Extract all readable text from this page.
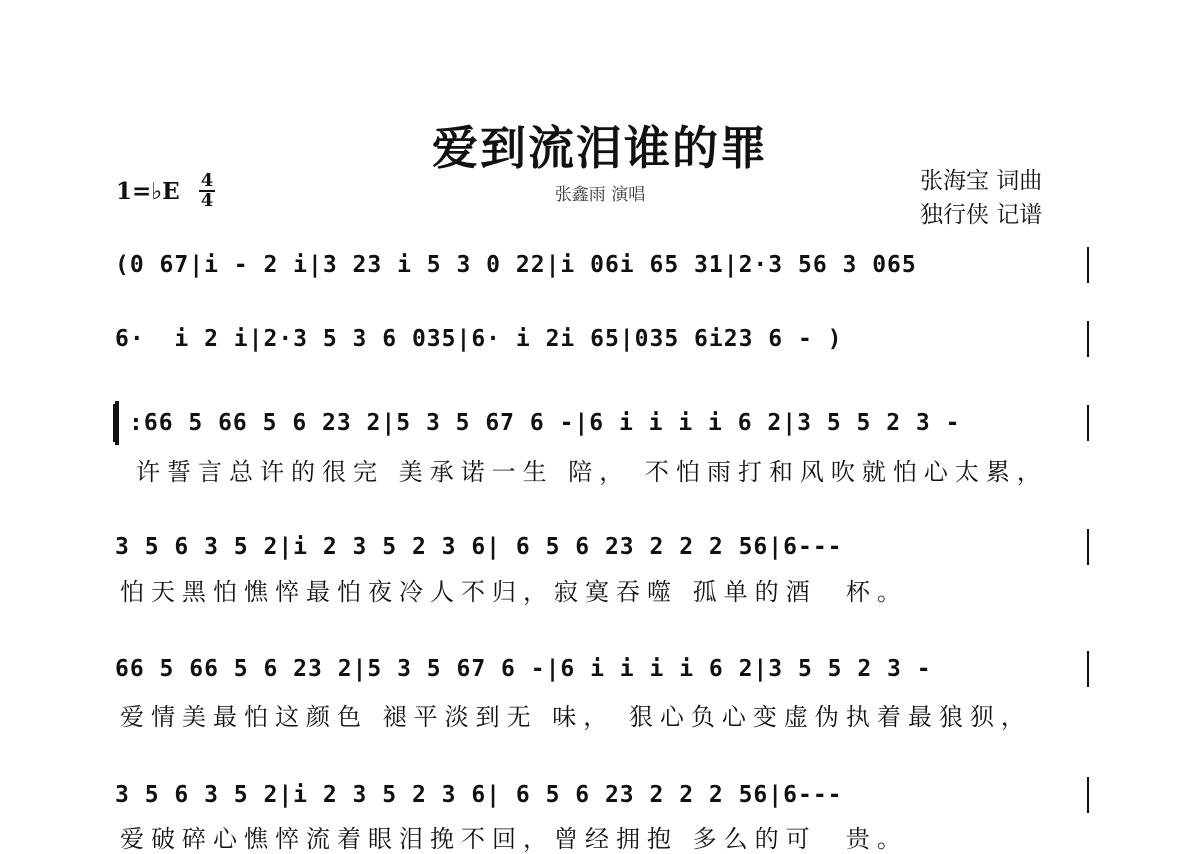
爱到流泪谁的罪
张鑫雨 演唱
张海宝 词曲
独行侠 记谱
1=♭E 4
4
(0 67|i - 2 i|3 23 i 5 3 0 22|i 06i 65 31|2·3 56 3 065
6·  i 2 i|2·3 5 3 6 035|6· i 2i 65|035 6i23 6 - )
:66 5 66 5 6 23 2|5 3 5 67 6 -|6 i i i i 6 2|3 5 5 2 3 -
许誓言总许的很完 美承诺一生 陪， 不怕雨打和风吹就怕心太累，
3 5 6 3 5 2|i 2 3 5 2 3 6| 6 5 6 23 2 2 2 56|6---
怕天黑怕憔悴最怕夜冷人不归，寂寞吞噬 孤单的酒  杯。
66 5 66 5 6 23 2|5 3 5 67 6 -|6 i i i i 6 2|3 5 5 2 3 -
爱情美最怕这颜色 褪平淡到无 味， 狠心负心变虚伪执着最狼狈，
3 5 6 3 5 2|i 2 3 5 2 3 6| 6 5 6 23 2 2 2 56|6---
爱破碎心憔悴流着眼泪挽不回，曾经拥抱 多么的可  贵。
